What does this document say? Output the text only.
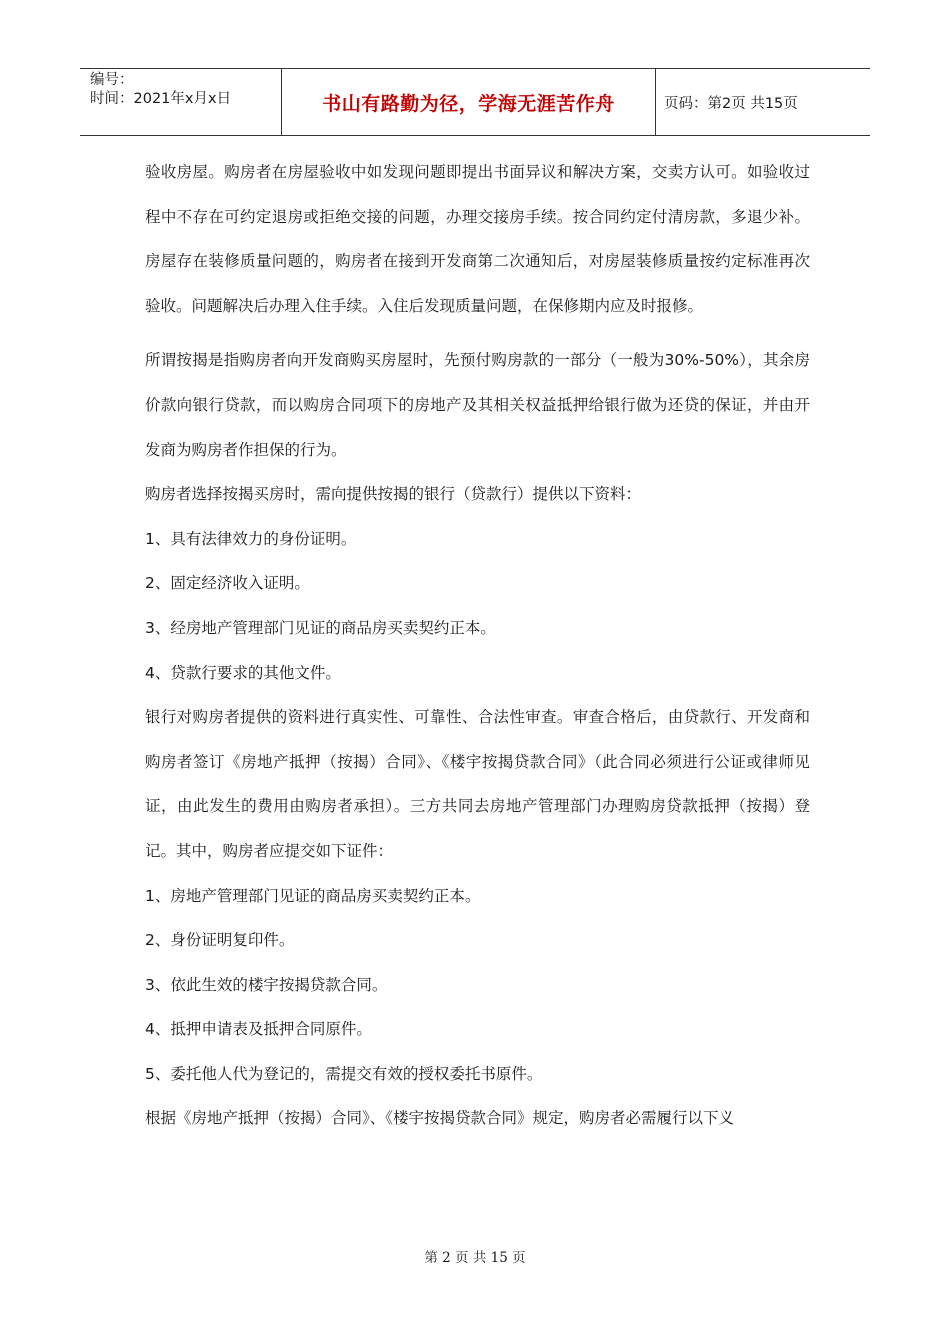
编号：
时间：2021年x月x日	书山有路勤为径，学海无涯苦作舟	页码：第2页 共15页

验收房屋。购房者在房屋验收中如发现问题即提出书面异议和解决方案，交卖方认可。如验收过程中不存在可约定退房或拒绝交接的问题，办理交接房手续。按合同约定付清房款，多退少补。房屋存在装修质量问题的，购房者在接到开发商第二次通知后，对房屋装修质量按约定标准再次验收。问题解决后办理入住手续。入住后发现质量问题，在保修期内应及时报修。

所谓按揭是指购房者向开发商购买房屋时，先预付购房款的一部分（一般为30%-50%），其余房价款向银行贷款，而以购房合同项下的房地产及其相关权益抵押给银行做为还贷的保证，并由开发商为购房者作担保的行为。

购房者选择按揭买房时，需向提供按揭的银行（贷款行）提供以下资料：

1、具有法律效力的身份证明。

2、固定经济收入证明。

3、经房地产管理部门见证的商品房买卖契约正本。

4、贷款行要求的其他文件。

银行对购房者提供的资料进行真实性、可靠性、合法性审查。审查合格后，由贷款行、开发商和购房者签订《房地产抵押（按揭）合同》、《楼宇按揭贷款合同》（此合同必须进行公证或律师见证，由此发生的费用由购房者承担）。三方共同去房地产管理部门办理购房贷款抵押（按揭）登记。其中，购房者应提交如下证件：

1、房地产管理部门见证的商品房买卖契约正本。

2、身份证明复印件。

3、依此生效的楼宇按揭贷款合同。

4、抵押申请表及抵押合同原件。

5、委托他人代为登记的，需提交有效的授权委托书原件。

根据《房地产抵押（按揭）合同》、《楼宇按揭贷款合同》规定，购房者必需履行以下义

第 2 页 共 15 页
